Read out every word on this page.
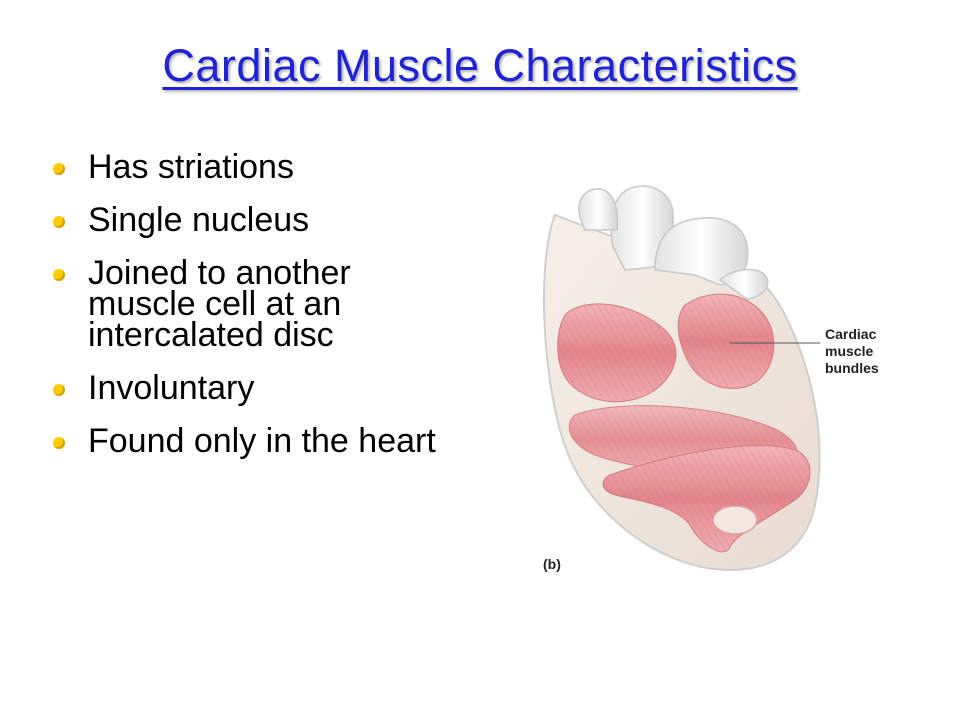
Cardiac Muscle Characteristics
Has striations
Single nucleus
Joined to another muscle cell at an intercalated disc
Involuntary
Found only in the heart
Cardiac
muscle
bundles
(b)
